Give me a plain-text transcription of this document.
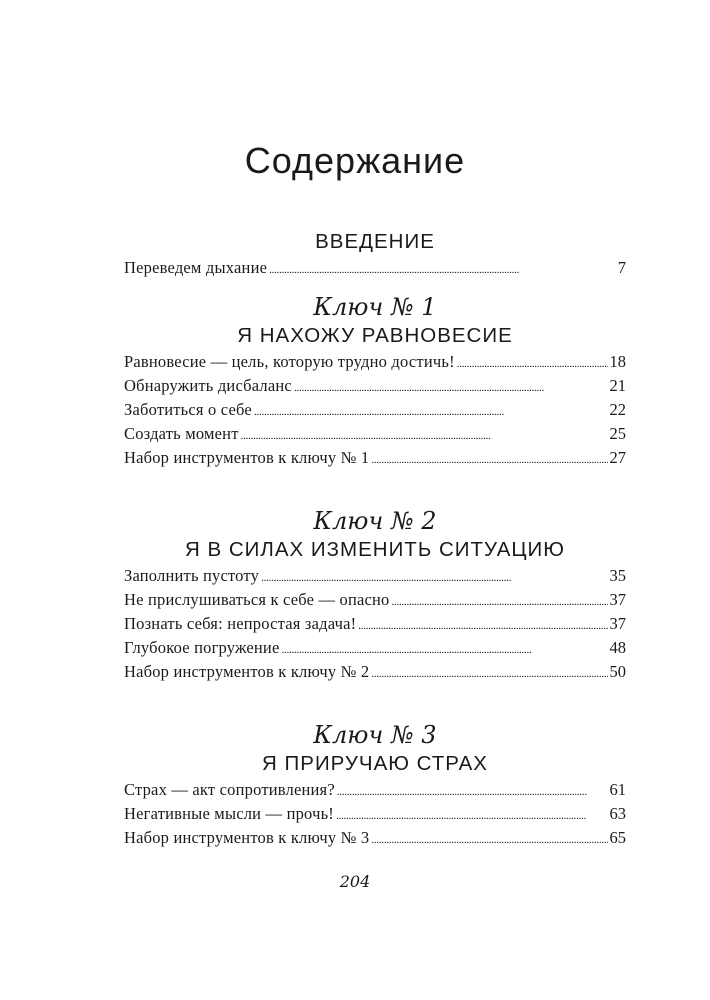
Содержание
ВВЕДЕНИЕ
Переведем дыхание . . .	7
Ключ № 1
Я НАХОЖУ РАВНОВЕСИЕ
Равновесие — цель, которую трудно достичь! . . .	18
Обнаружить дисбаланс . . .	21
Заботиться о себе . . .	22
Создать момент . . .	25
Набор инструментов к ключу № 1 . . .	27
Ключ № 2
Я В СИЛАХ ИЗМЕНИТЬ СИТУАЦИЮ
Заполнить пустоту . . .	35
Не прислушиваться к себе — опасно . . .	37
Познать себя: непростая задача! . . .	37
Глубокое погружение . . .	48
Набор инструментов к ключу № 2 . . .	50
Ключ № 3
Я ПРИРУЧАЮ СТРАХ
Страх — акт сопротивления? . . .	61
Негативные мысли — прочь! . . .	63
Набор инструментов к ключу № 3 . . .	65
204
